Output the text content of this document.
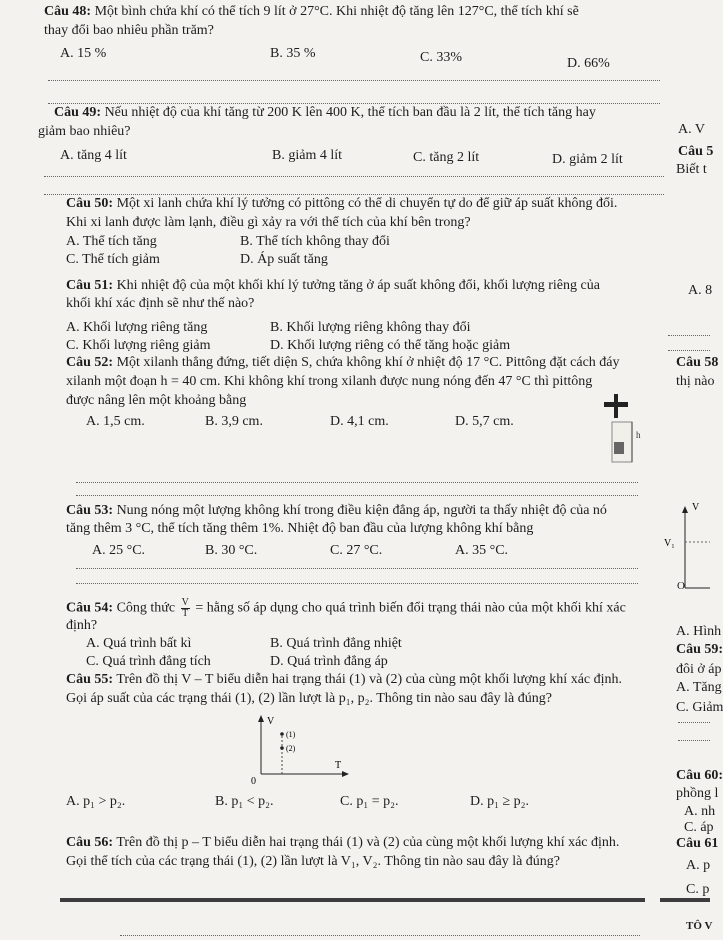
Câu 48: Một bình chứa khí có thể tích 9 lít ở 27°C. Khi nhiệt độ tăng lên 127°C, thể tích khí sẽ
thay đổi bao nhiêu phần trăm?
A. 15 %	B. 35 %	C. 33%	D. 66%
Câu 49: Nếu nhiệt độ của khí tăng từ 200 K lên 400 K, thể tích ban đầu là 2 lít, thể tích tăng hay
giảm bao nhiêu?
A. tăng 4 lít	B. giảm 4 lít	C. tăng 2 lít	D. giảm 2 lít
Câu 50: Một xi lanh chứa khí lý tưởng có pittông có thể di chuyển tự do để giữ áp suất không đổi.
Khi xi lanh được làm lạnh, điều gì xảy ra với thể tích của khí bên trong?
A. Thể tích tăng	B. Thể tích không thay đổi
C. Thể tích giảm	D. Áp suất tăng
Câu 51: Khi nhiệt độ của một khối khí lý tưởng tăng ở áp suất không đổi, khối lượng riêng của
khối khí xác định sẽ như thế nào?
A. Khối lượng riêng tăng	B. Khối lượng riêng không thay đổi
C. Khối lượng riêng giảm	D. Khối lượng riêng có thể tăng hoặc giảm
Câu 52: Một xilanh thẳng đứng, tiết diện S, chứa không khí ở nhiệt độ 17 °C. Pittông đặt cách đáy
xilanh một đoạn h = 40 cm. Khi không khí trong xilanh được nung nóng đến 47 °C thì pittông
được nâng lên một khoảng bằng
A. 1,5 cm.	B. 3,9 cm.	D. 4,1 cm.	D. 5,7 cm.
h
Câu 53: Nung nóng một lượng không khí trong điều kiện đẳng áp, người ta thấy nhiệt độ của nó
tăng thêm 3 °C, thể tích tăng thêm 1%. Nhiệt độ ban đầu của lượng không khí bằng
A. 25 °C.	B. 30 °C.	C. 27 °C.	A. 35 °C.
Câu 54: Công thức $\frac{V}{T}$ = hằng số áp dụng cho quá trình biến đổi trạng thái nào của một khối khí xác
định?
A. Quá trình bất kì	B. Quá trình đẳng nhiệt
C. Quá trình đẳng tích	D. Quá trình đẳng áp
Câu 55: Trên đồ thị V – T biểu diễn hai trạng thái (1) và (2) của cùng một khối lượng khí xác định.
Gọi áp suất của các trạng thái (1), (2) lần lượt là p₁, p₂. Thông tin nào sau đây là đúng?
V
T
0
(1)
(2)
A. p₁ > p₂.	B. p₁ < p₂.	C. p₁ = p₂.	D. p₁ ≥ p₂.
Câu 56: Trên đồ thị p – T biểu diễn hai trạng thái (1) và (2) của cùng một khối lượng khí xác định.
Gọi thể tích của các trạng thái (1), (2) lần lượt là V₁, V₂. Thông tin nào sau đây là đúng?
A. V
Câu 5
Biết t
A. 8
Câu 58
thị nào
V
V₁
O
A. Hình
Câu 59:
đôi ở áp
A. Tăng
C. Giảm
Câu 60:
phồng l
A. nh
C. áp
Câu 61
A. p
C. p
TÔ V
